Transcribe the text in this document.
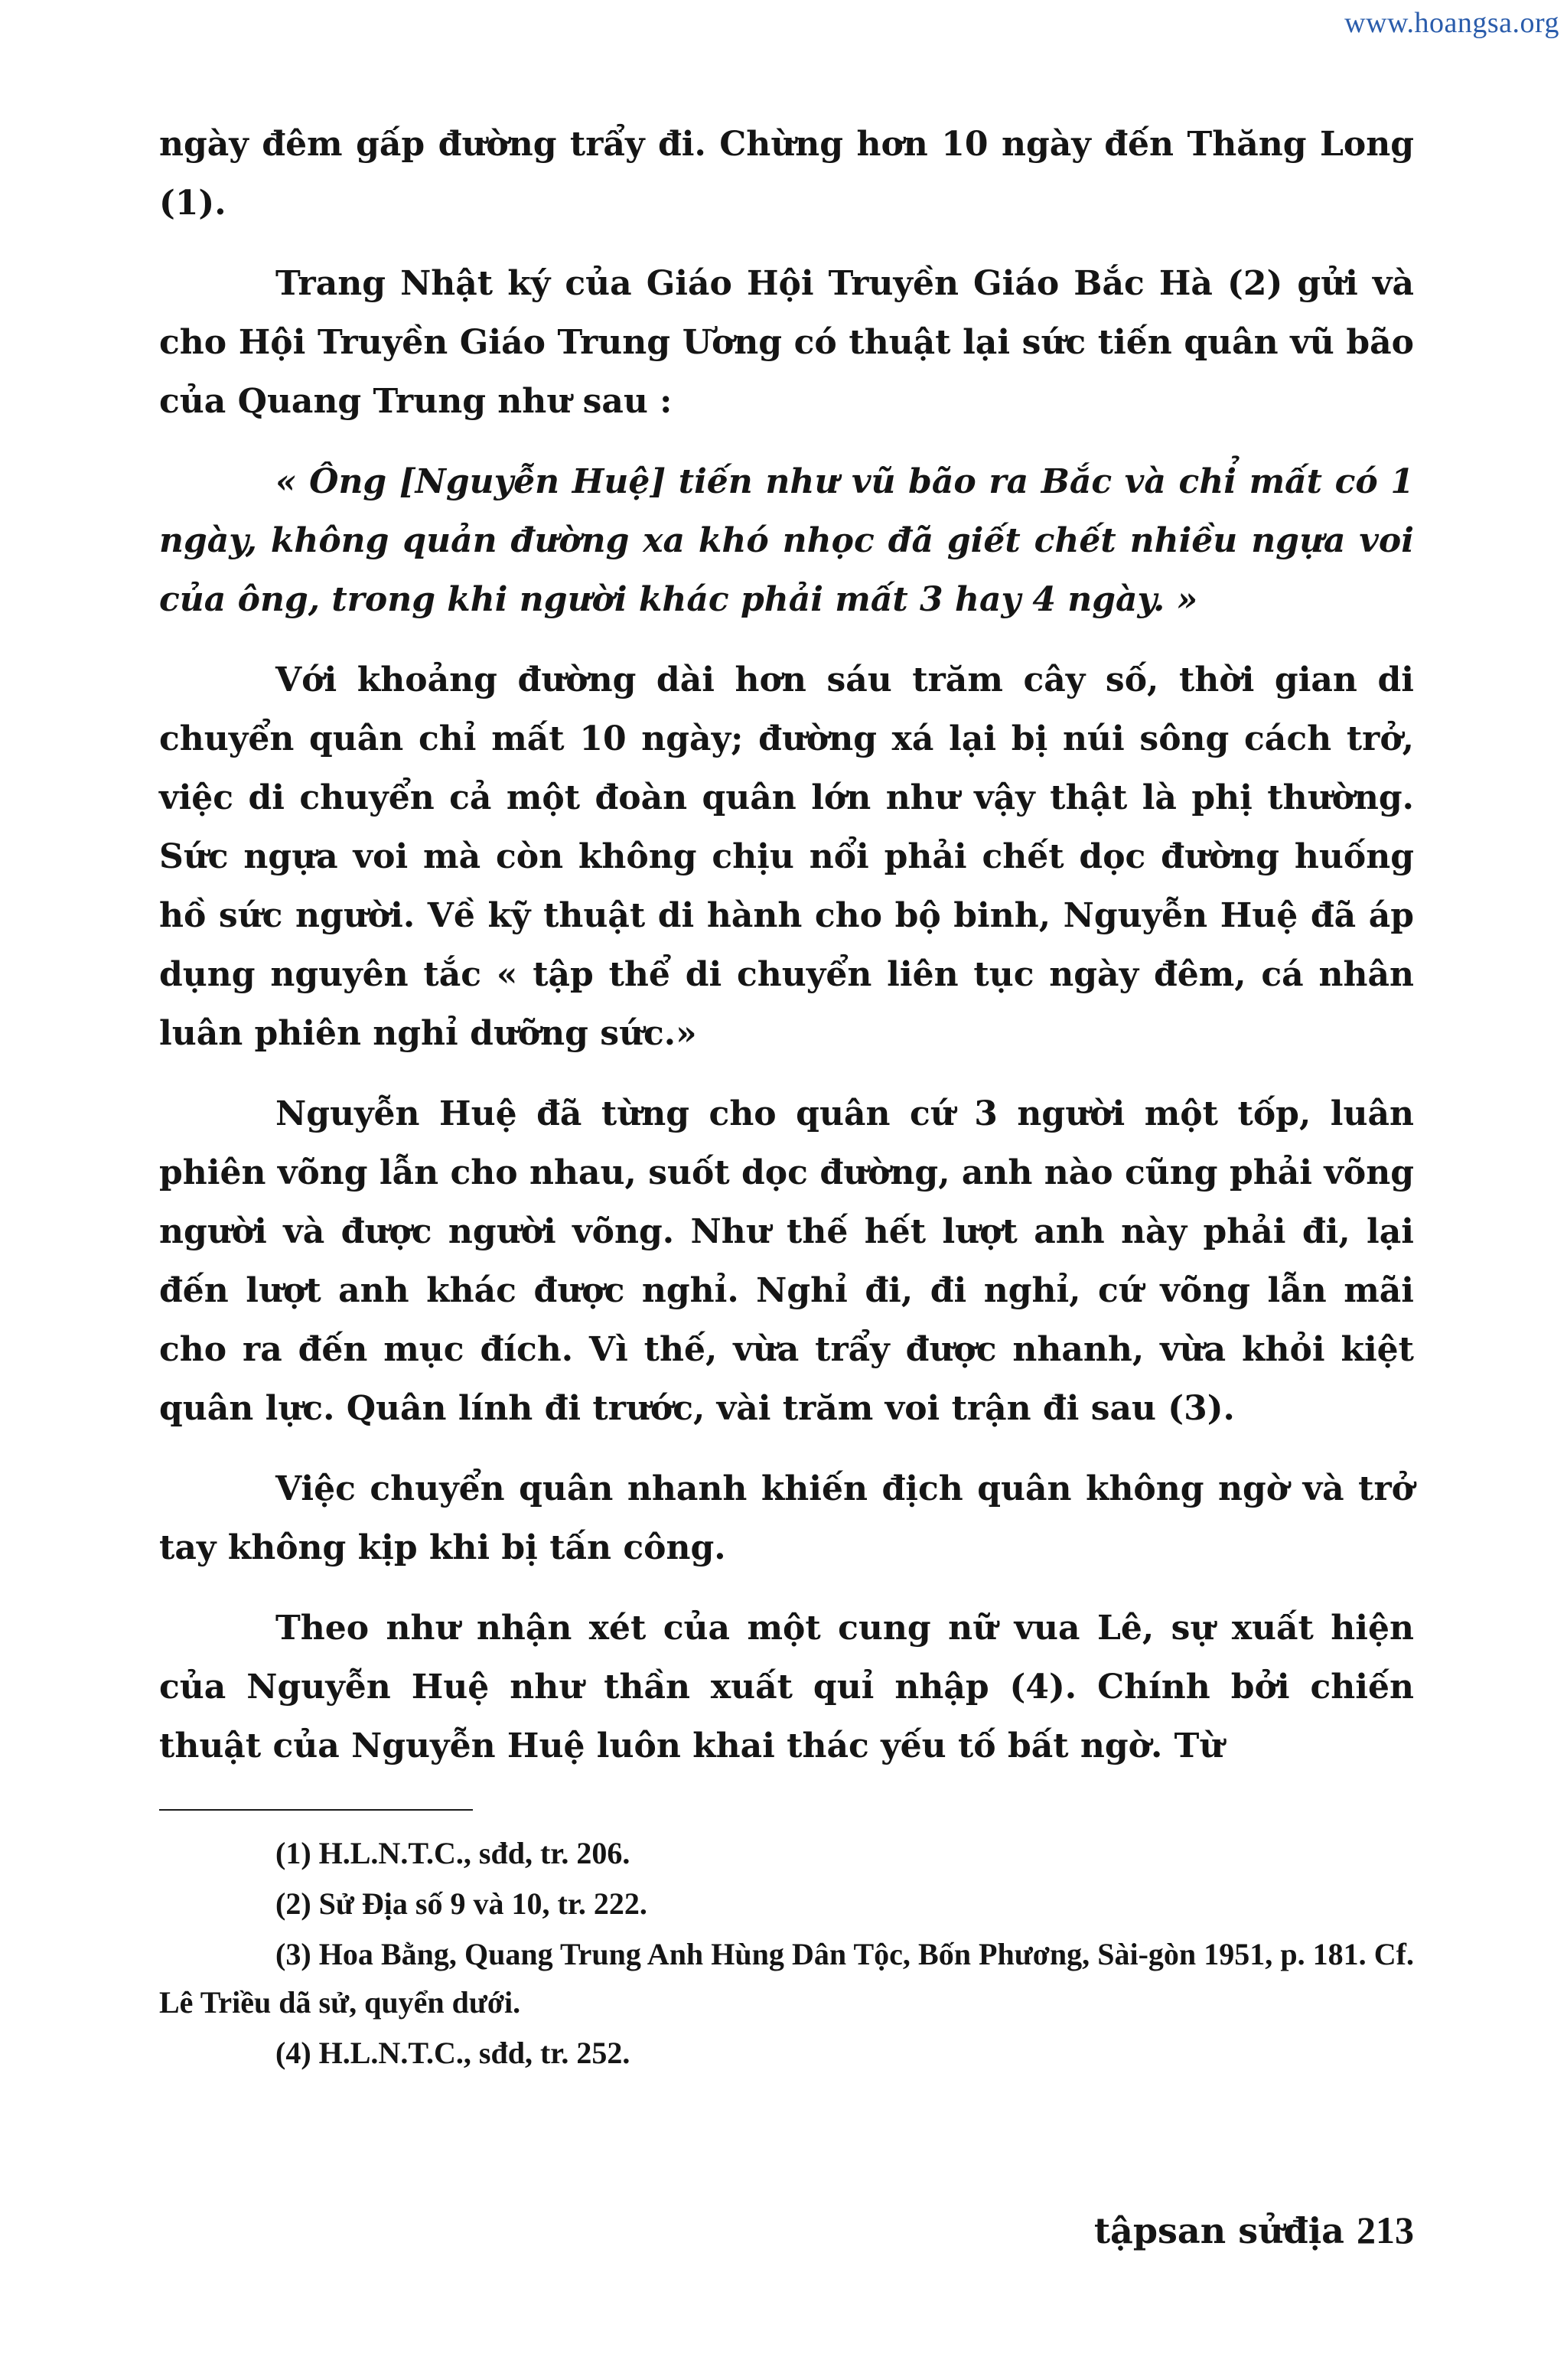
www.hoangsa.org

ngày đêm gấp đường trẩy đi. Chừng hơn 10 ngày đến Thăng Long (1).

Trang Nhật ký của Giáo Hội Truyền Giáo Bắc Hà (2) gửi và cho Hội Truyền Giáo Trung Ương có thuật lại sức tiến quân vũ bão của Quang Trung như sau :

« Ông [Nguyễn Huệ] tiến như vũ bão ra Bắc và chỉ mất có 1 ngày, không quản đường xa khó nhọc đã giết chết nhiều ngựa voi của ông, trong khi người khác phải mất 3 hay 4 ngày. »

Với khoảng đường dài hơn sáu trăm cây số, thời gian di chuyển quân chỉ mất 10 ngày; đường xá lại bị núi sông cách trở, việc di chuyển cả một đoàn quân lớn như vậy thật là phị thường. Sức ngựa voi mà còn không chịu nổi phải chết dọc đường huống hồ sức người. Về kỹ thuật di hành cho bộ binh, Nguyễn Huệ đã áp dụng nguyên tắc « tập thể di chuyển liên tục ngày đêm, cá nhân luân phiên nghỉ dưỡng sức.»

Nguyễn Huệ đã từng cho quân cứ 3 người một tốp, luân phiên võng lẫn cho nhau, suốt dọc đường, anh nào cũng phải võng người và được người võng. Như thế hết lượt anh này phải đi, lại đến lượt anh khác được nghỉ. Nghỉ đi, đi nghỉ, cứ võng lẫn mãi cho ra đến mục đích. Vì thế, vừa trẩy được nhanh, vừa khỏi kiệt quân lực. Quân lính đi trước, vài trăm voi trận đi sau (3).

Việc chuyển quân nhanh khiến địch quân không ngờ và trở tay không kịp khi bị tấn công.

Theo như nhận xét của một cung nữ vua Lê, sự xuất hiện của Nguyễn Huệ như thần xuất quỉ nhập (4). Chính bởi chiến thuật của Nguyễn Huệ luôn khai thác yếu tố bất ngờ. Từ

(1) H.L.N.T.C., sđd, tr. 206.

(2) Sử Địa số 9 và 10, tr. 222.

(3) Hoa Bằng, Quang Trung Anh Hùng Dân Tộc, Bốn Phương, Sài-gòn 1951, p. 181. Cf. Lê Triều dã sử, quyển dưới.

(4) H.L.N.T.C., sđd, tr. 252.

tậpsan sửđịa 213
